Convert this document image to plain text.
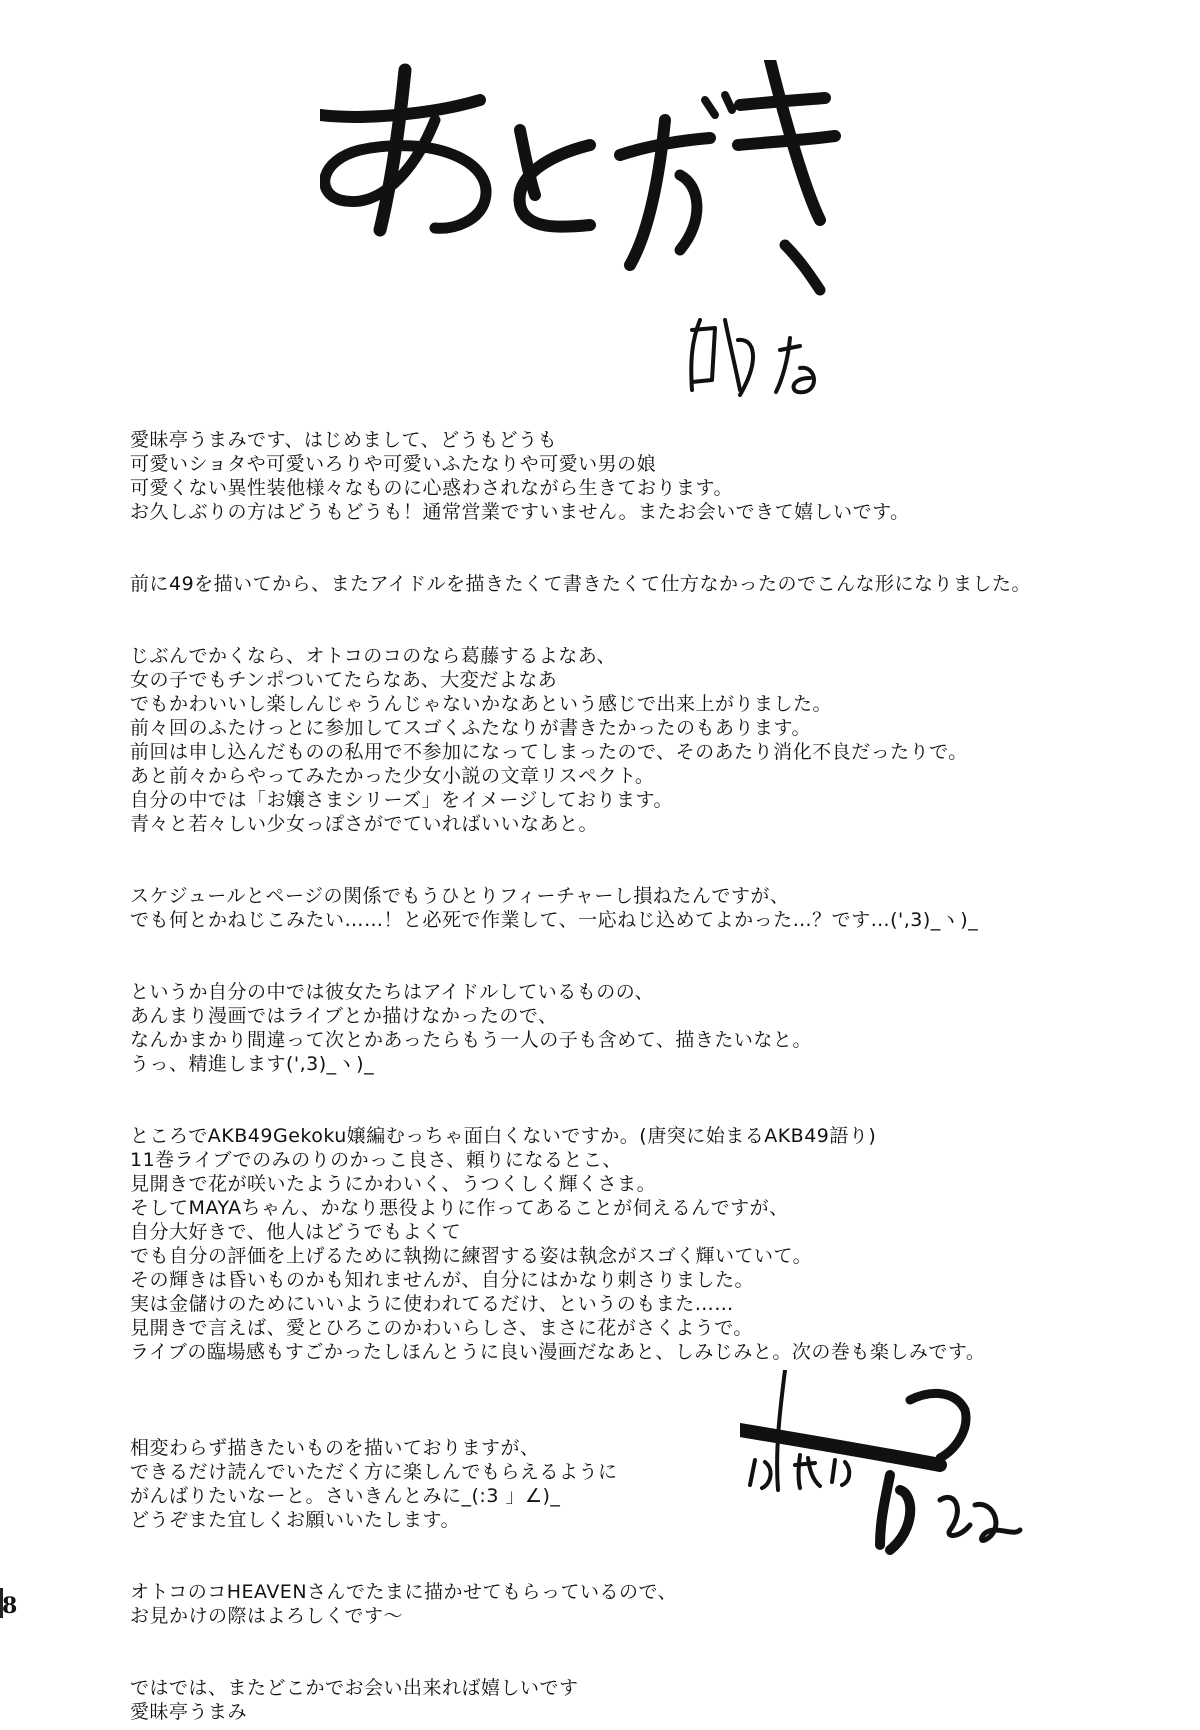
愛昧亭うまみです、はじめまして、どうもどうも
可愛いショタや可愛いろりや可愛いふたなりや可愛い男の娘
可愛くない異性装他様々なものに心惑わされながら生きております。
お久しぶりの方はどうもどうも！通常営業ですいません。またお会いできて嬉しいです。
前に49を描いてから、またアイドルを描きたくて書きたくて仕方なかったのでこんな形になりました。
じぶんでかくなら、オトコのコのなら葛藤するよなあ、
女の子でもチンポついてたらなあ、大変だよなあ
でもかわいいし楽しんじゃうんじゃないかなあという感じで出来上がりました。
前々回のふたけっとに参加してスゴくふたなりが書きたかったのもあります。
前回は申し込んだものの私用で不参加になってしまったので、そのあたり消化不良だったりで。
あと前々からやってみたかった少女小説の文章リスペクト。
自分の中では「お嬢さまシリーズ」をイメージしております。
青々と若々しい少女っぽさがでていればいいなあと。
スケジュールとページの関係でもうひとりフィーチャーし損ねたんですが、
でも何とかねじこみたい……！と必死で作業して、一応ねじ込めてよかった…？です…(',3)_ヽ)_
というか自分の中では彼女たちはアイドルしているものの、
あんまり漫画ではライブとか描けなかったので、
なんかまかり間違って次とかあったらもう一人の子も含めて、描きたいなと。
うっ、精進します(',3)_ヽ)_
ところでAKB49Gekoku嬢編むっちゃ面白くないですか。(唐突に始まるAKB49語り)
11巻ライブでのみのりのかっこ良さ、頼りになるとこ、
見開きで花が咲いたようにかわいく、うつくしく輝くさま。
そしてMAYAちゃん、かなり悪役よりに作ってあることが伺えるんですが、
自分大好きで、他人はどうでもよくて
でも自分の評価を上げるために執拗に練習する姿は執念がスゴく輝いていて。
その輝きは昏いものかも知れませんが、自分にはかなり刺さりました。
実は金儲けのためにいいように使われてるだけ、というのもまた……
見開きで言えば、愛とひろこのかわいらしさ、まさに花がさくようで。
ライブの臨場感もすごかったしほんとうに良い漫画だなあと、しみじみと。次の巻も楽しみです。
相変わらず描きたいものを描いておりますが、
できるだけ読んでいただく方に楽しんでもらえるように
がんばりたいなーと。さいきんとみに_(:3 」∠)_
どうぞまた宜しくお願いいたします。
オトコのコHEAVENさんでたまに描かせてもらっているので、
お見かけの際はよろしくです～
ではでは、またどこかでお会い出来れば嬉しいです
愛昧亭うまみ
8
